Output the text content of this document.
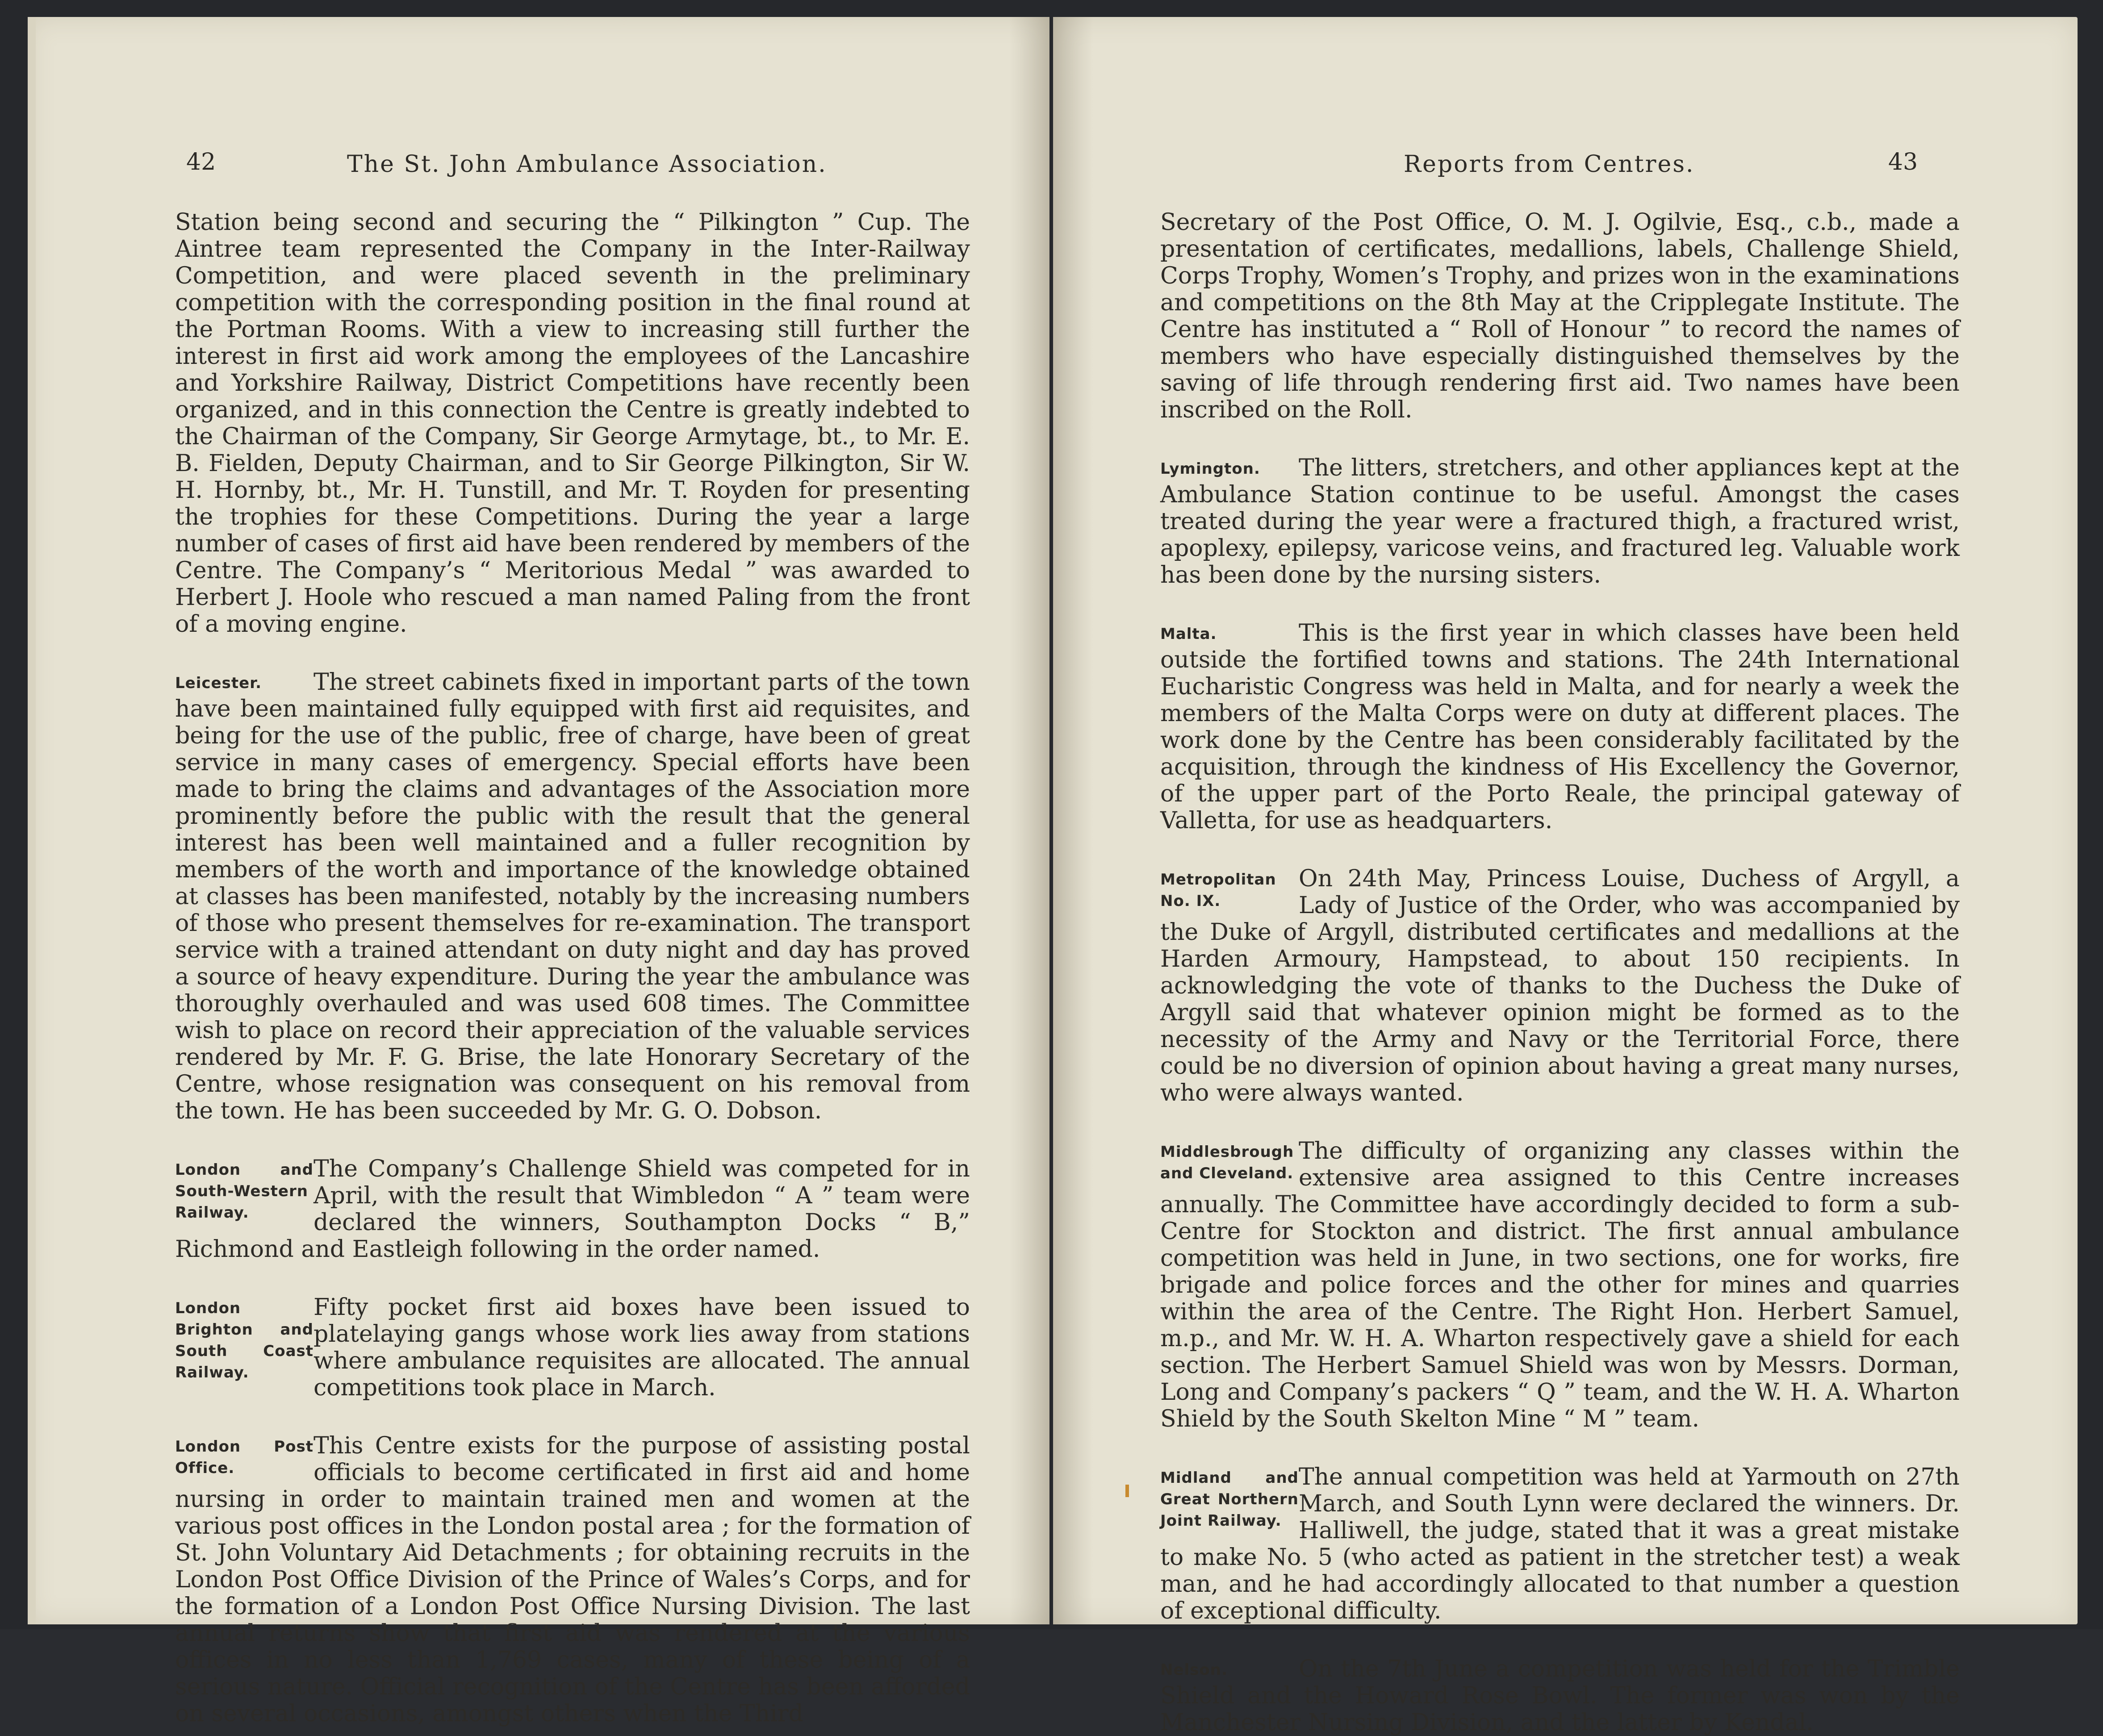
42	The St. John Ambulance Association.

Station being second and securing the “ Pilkington ” Cup. The Aintree team represented the Company in the Inter-Railway Competition, and were placed seventh in the preliminary competition with the corresponding position in the final round at the Portman Rooms. With a view to increasing still further the interest in first aid work among the employees of the Lancashire and Yorkshire Railway, District Competitions have recently been organized, and in this connection the Centre is greatly indebted to the Chairman of the Company, Sir George Armytage, bt., to Mr. E. B. Fielden, Deputy Chairman, and to Sir George Pilkington, Sir W. H. Hornby, bt., Mr. H. Tunstill, and Mr. T. Royden for presenting the trophies for these Competitions. During the year a large number of cases of first aid have been rendered by members of the Centre. The Company’s “ Meritorious Medal ” was awarded to Herbert J. Hoole who rescued a man named Paling from the front of a moving engine.

Leicester.	The street cabinets fixed in important parts of the town have been maintained fully equipped with first aid requisites, and being for the use of the public, free of charge, have been of great service in many cases of emergency. Special efforts have been made to bring the claims and advantages of the Association more prominently before the public with the result that the general interest has been well maintained and a fuller recognition by members of the worth and importance of the knowledge obtained at classes has been manifested, notably by the increasing numbers of those who present themselves for re-examination. The transport service with a trained attendant on duty night and day has proved a source of heavy expenditure. During the year the ambulance was thoroughly overhauled and was used 608 times. The Committee wish to place on record their appreciation of the valuable services rendered by Mr. F. G. Brise, the late Honorary Secretary of the Centre, whose resignation was consequent on his removal from the town. He has been succeeded by Mr. G. O. Dobson.
London and South-Western Railway.
The Company’s Challenge Shield was competed for in April, with the result that Wimbledon “ A ” team were declared the winners, Southampton Docks “ B,” Richmond and Eastleigh following in the order named.
London Brighton and South Coast Railway.
Fifty pocket first aid boxes have been issued to platelaying gangs whose work lies away from stations where ambulance requisites are allocated. The annual competitions took place in March.
London Post Office.
This Centre exists for the purpose of assisting postal officials to become certificated in first aid and home nursing in order to maintain trained men and women at the various post offices in the London postal area ; for the formation of St. John Voluntary Aid Detachments ; for obtaining recruits in the London Post Office Division of the Prince of Wales’s Corps, and for the formation of a London Post Office Nursing Division. The last annual returns show that first aid was rendered at the various offices in no less than 1,769 cases, many of these being of a serious nature. Official recognition of the Centre has been afforded on several occasions, amongst others when the Third
Reports from Centres.	43

Secretary of the Post Office, O. M. J. Ogilvie, Esq., c.b., made a presentation of certificates, medallions, labels, Challenge Shield, Corps Trophy, Women’s Trophy, and prizes won in the examinations and competitions on the 8th May at the Cripplegate Institute. The Centre has instituted a “ Roll of Honour ” to record the names of members who have especially distinguished themselves by the saving of life through rendering first aid. Two names have been inscribed on the Roll.

Lymington.	The litters, stretchers, and other appliances kept at the Ambulance Station continue to be useful. Amongst the cases treated during the year were a fractured thigh, a fractured wrist, apoplexy, epilepsy, varicose veins, and fractured leg. Valuable work has been done by the nursing sisters.
Malta.	This is the first year in which classes have been held outside the fortified towns and stations. The 24th International Eucharistic Congress was held in Malta, and for nearly a week the members of the Malta Corps were on duty at different places. The work done by the Centre has been considerably facilitated by the acquisition, through the kindness of His Excellency the Governor, of the upper part of the Porto Reale, the principal gateway of Valletta, for use as headquarters.
Metropolitan No. IX.
On 24th May, Princess Louise, Duchess of Argyll, a Lady of Justice of the Order, who was accompanied by the Duke of Argyll, distributed certificates and medallions at the Harden Armoury, Hampstead, to about 150 recipients. In acknowledging the vote of thanks to the Duchess the Duke of Argyll said that whatever opinion might be formed as to the necessity of the Army and Navy or the Territorial Force, there could be no diversion of opinion about having a great many nurses, who were always wanted.
Middlesbrough and Cleveland.
The difficulty of organizing any classes within the extensive area assigned to this Centre increases annually. The Committee have accordingly decided to form a sub-Centre for Stockton and district. The first annual ambulance competition was held in June, in two sections, one for works, fire brigade and police forces and the other for mines and quarries within the area of the Centre. The Right Hon. Herbert Samuel, m.p., and Mr. W. H. A. Wharton respectively gave a shield for each section. The Herbert Samuel Shield was won by Messrs. Dorman, Long and Company’s packers “ Q ” team, and the W. H. A. Wharton Shield by the South Skelton Mine “ M ” team.
Midland and Great Northern Joint Railway.
The annual competition was held at Yarmouth on 27th March, and South Lynn were declared the winners. Dr. Halliwell, the judge, stated that it was a great mistake to make No. 5 (who acted as patient in the stretcher test) a weak man, and he had accordingly allocated to that number a question of exceptional difficulty.
Nelson.	On the 7th June a competition was held for the Trimble Shield and the Howard Rose Bowl. The former was won by the Manchester Nursing Division, and the latter by Kendal.
